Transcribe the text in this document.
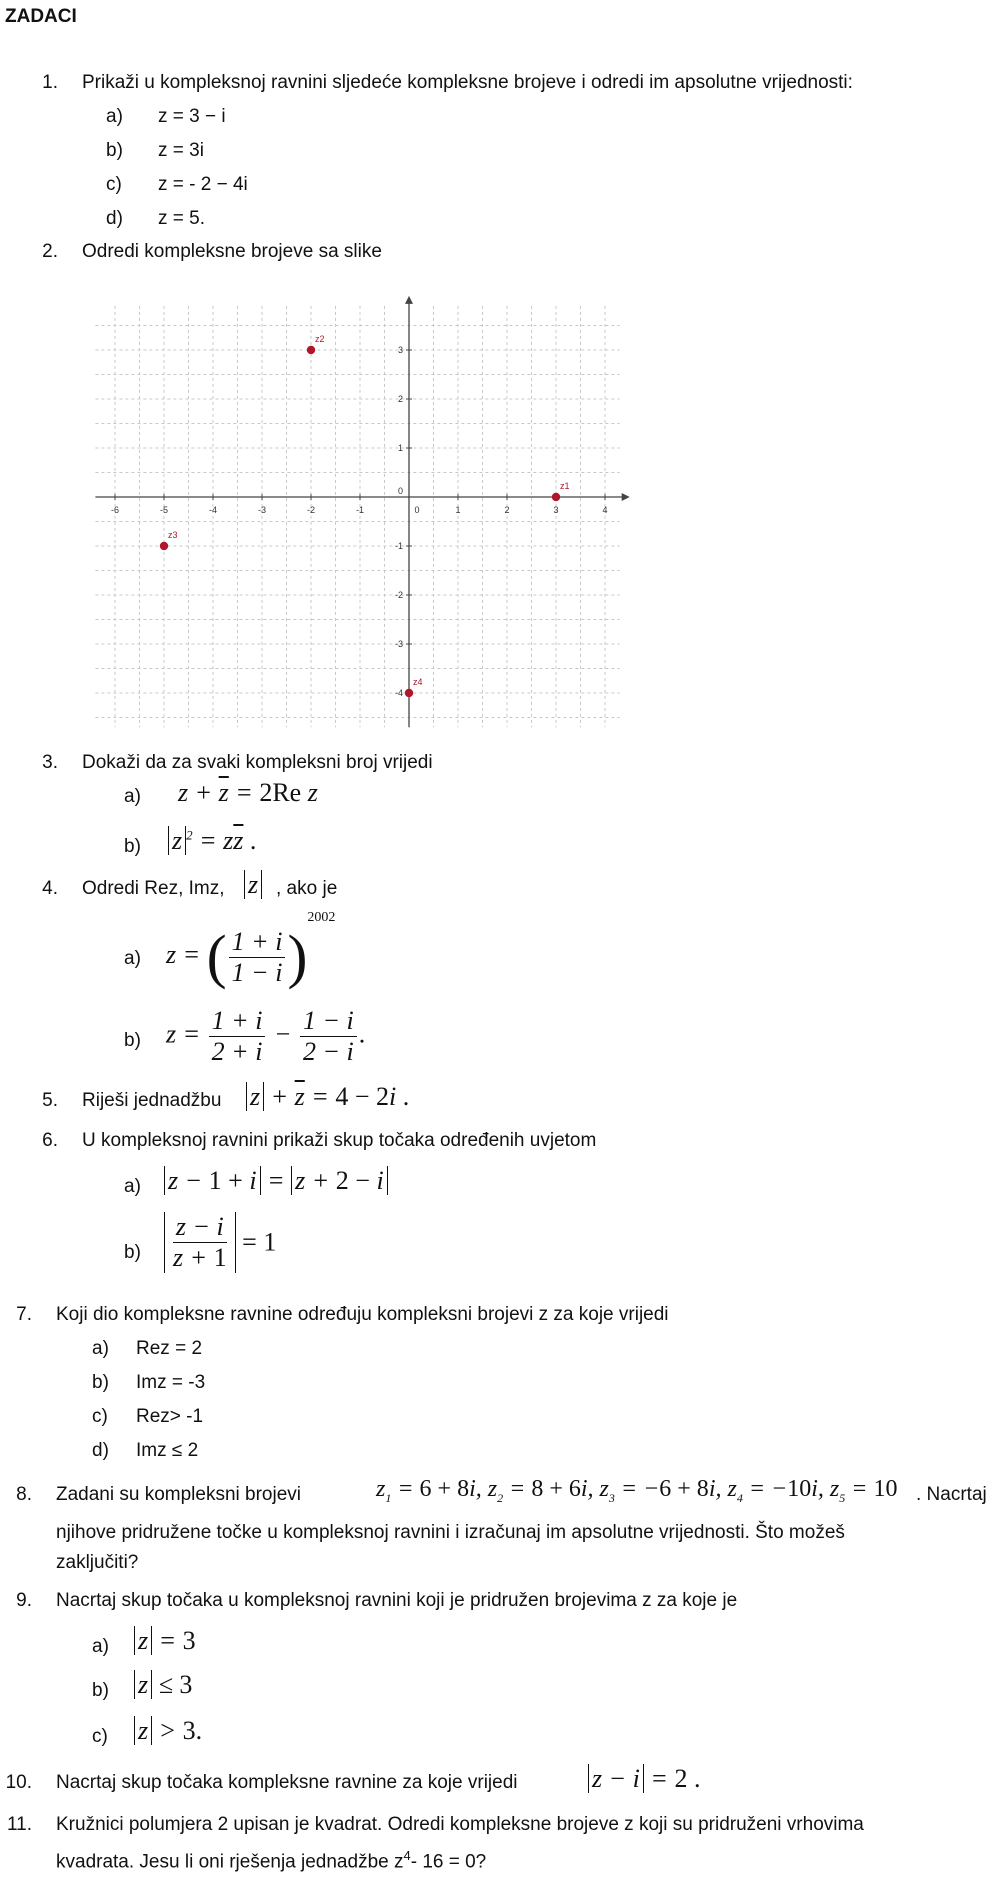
ZADACI
1. Prikaži u kompleksnoj ravnini sljedeće kompleksne brojeve i odredi im apsolutne vrijednosti:
a) z = 3 − i
b) z = 3i
c) z = - 2 − 4i
d) z = 5.
2. Odredi kompleksne brojeve sa slike
-6	-5	-4	-3	-2	-1	0	1	2	3	4
3
2
1
0
-1
-2
-3
-4
z1
z2
z3
z4
3. Dokaži da za svaki kompleksni broj vrijedi
a) $z + \overline{z} = 2Re$ z
b) z $^2 = z\overline{z}$ .
4. Odredi Rez, Imz, z , ako je
a) z = ( $\frac{1 + i}{1 - i} )^{2002}$
b) $z = \frac{1 + i}{2 + i} - \frac{1 - i}{2 - i}$ .
5. Riješi jednadžbu $z + \overline{z} = 4 - 2i$ .
6. U kompleksnoj ravnini prikaži skup točaka određenih uvjetom
a) z − 1 + i = z + 2 − i
$b) \frac{z - i}{z + 1} = 1$
7. Koji dio kompleksne ravnine određuju kompleksni brojevi z za koje vrijedi
a) Rez = 2
b) Imz = -3
c) Rez> -1
d) Imz ≤ 2
8. Zadani su kompleksni brojevi	$z_1 = 6 + 8i$, $z_2 = 8 + 6i$, $z_3 = -6 + 8i$, $z_4 = -10i$, $z_5 = 10$ . Nacrtaj
njihove pridružene točke u kompleksnoj ravnini i izračunaj im apsolutne vrijednosti. Što možeš
zaključiti?
9. Nacrtaj skup točaka u kompleksnoj ravnini koji je pridružen brojevima z za koje je
a) z = 3
b) z ≤ 3
c) z > 3.
10. Nacrtaj skup točaka kompleksne ravnine za koje vrijedi	z − i = 2 .
11. Kružnici polumjera 2 upisan je kvadrat. Odredi kompleksne brojeve z koji su pridruženi vrhovima
kvadrata. Jesu li oni rješenja jednadžbe $z^4-$ 16 = 0?
